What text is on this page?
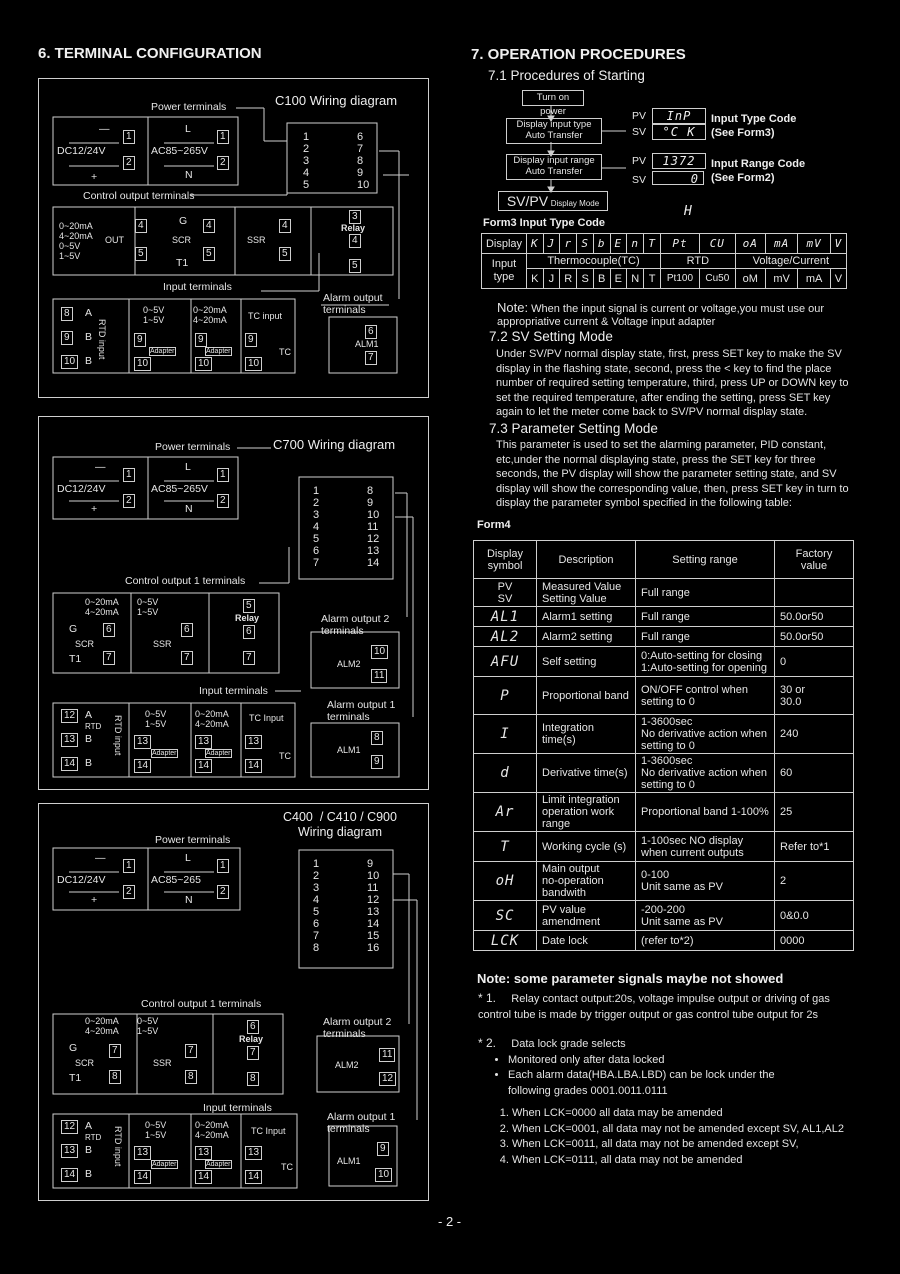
6. TERMINAL CONFIGURATION
C100 Wiring diagram
Power terminals
—
+
DC12/24V	AC85~265V
L
N
1
2
1
2
1
2
3
4
5
6
7
8
9
10
Control output terminals
0~20mA
4~20mA
0~5V
1~5V
OUT
4
5
G
SCR
T1
4
5
SSR
4
5
3
Relay
4
5
Input terminals
Alarm output
terminals
8
9
10
A
B
B
RTD input
0~5V
1~5V
0~20mA
4~20mA TC input
9
10
9
10
9
10
Adapter	Adapter	TC
6
ALM1
7
C700 Wiring diagram
Power terminals
—
+
DC12/24V	AC85~265V
L
N
1
2
1
2
1
2
3
4
5
6
7
8
9
10
11
12
13
14
Control output 1 terminals
0~20mA
4~20mA
0~5V
1~5V
G
SCR
T1
6
7
SSR
6
7
5
Relay
6
7
Alarm output 2
terminals
10
ALM2
11
Input terminals
Alarm output 1
terminals
12
13
14
A
B
B
RTD RTD input
0~5V
1~5V
0~20mA
4~20mA
TC Input
13
14
13
14
13
14
Adapter	Adapter	TC
8
ALM1
9
C400  / C410 / C900
Wiring diagram
Power terminals
—
+
DC12/24V	AC85~265
L
N
1
2
1
2
1
2
3
4
5
6
7
8
9
10
11
12
13
14
15
16
Control output 1 terminals
0~20mA
4~20mA
0~5V
1~5V
G
SCR
T1
7
8
SSR
7
8
6
Relay
7
8
Alarm output 2
terminals
11
ALM2
12
Input terminals
Alarm output 1
terminals
12
13
14
A
B
B
RTD RTD input
0~5V
1~5V
0~20mA
4~20mA TC Input
13
14
13
14
13
14
Adapter	Adapter	TC
9
ALM1
10
7. OPERATION PROCEDURES
7.1 Procedures of Starting
Turn on power
Display input type
Auto Transfer
Display input range
Auto Transfer
SV/PV Display Mode
PV
SV
PV
SV
InP
°C K
1372
0
Input Type Code
(See Form3)
Input Range Code
(See Form2)
H
Form3 Input Type Code
Display	K	J	r	S	b	E	n	T	Pt	CU	oA	mA	mV	V
Input
type	Thermocouple(TC)								RTD		Voltage/Current			
	K	J	R	S	B	E	N	T	Pt100	Cu50	oM	mV	mA	V
Note: When the input signal is current or voltage,you must use our appropriative current & Voltage input adapter
7.2 SV Setting Mode
Under SV/PV normal display state, first, press SET key to make the SV display in the flashing state, second, press the < key to find the place number of required setting temperature, third, press UP or DOWN key to set the required temperature, after ending the setting, press SET key again to let the meter come back to SV/PV normal display state.
7.3 Parameter Setting Mode
This parameter is used to set the alarming parameter, PID constant, etc,under the normal displaying state, press the SET key for three seconds, the PV display will show the parameter setting state, and SV display will show the corresponding value, then, press SET key in turn to display the parameter symbol specified in the following table:
Form4
Display
symbol	Description	Setting range	Factory
value
PV
SV	Measured Value
Setting Value	Full range	
AL1	Alarm1 setting	Full range	50.0or50
AL2	Alarm2 setting	Full range	50.0or50
AFU	Self setting	0:Auto-setting for closing
1:Auto-setting for opening	0
P	Proportional band	ON/OFF control when
setting to 0	30 or
30.0
I	Integration
time(s)	1-3600sec
No derivative action when
setting to 0	240
d	Derivative time(s)	1-3600sec
No derivative action when
setting to 0	60
Ar	Limit integration
operation work
range	Proportional band 1-100%	25
T	Working cycle (s)	1-100sec NO display
when current outputs	Refer to*1
oH	Main output
no-operation
bandwith	0-100
Unit same as PV	2
SC	PV value
amendment	-200-200
Unit same as PV	0&0.0
LCK	Date lock	(refer to*2)	0000
Note: some parameter signals maybe not showed
* 1. Relay contact output:20s, voltage impulse output or driving of gas control tube is made by trigger output or gas control tube output for 2s
* 2. Data lock grade selects
• Monitored only after data locked
• Each alarm data(HBA.LBA.LBD) can be lock under the following grades 0001.0011.0111
1. When LCK=0000 all data may be amended
2. When LCK=0001, all data may not be amended except SV, AL1,AL2
3. When LCK=0011, all data may not be amended except SV,
4. When LCK=0111, all data may not be amended
- 2 -
